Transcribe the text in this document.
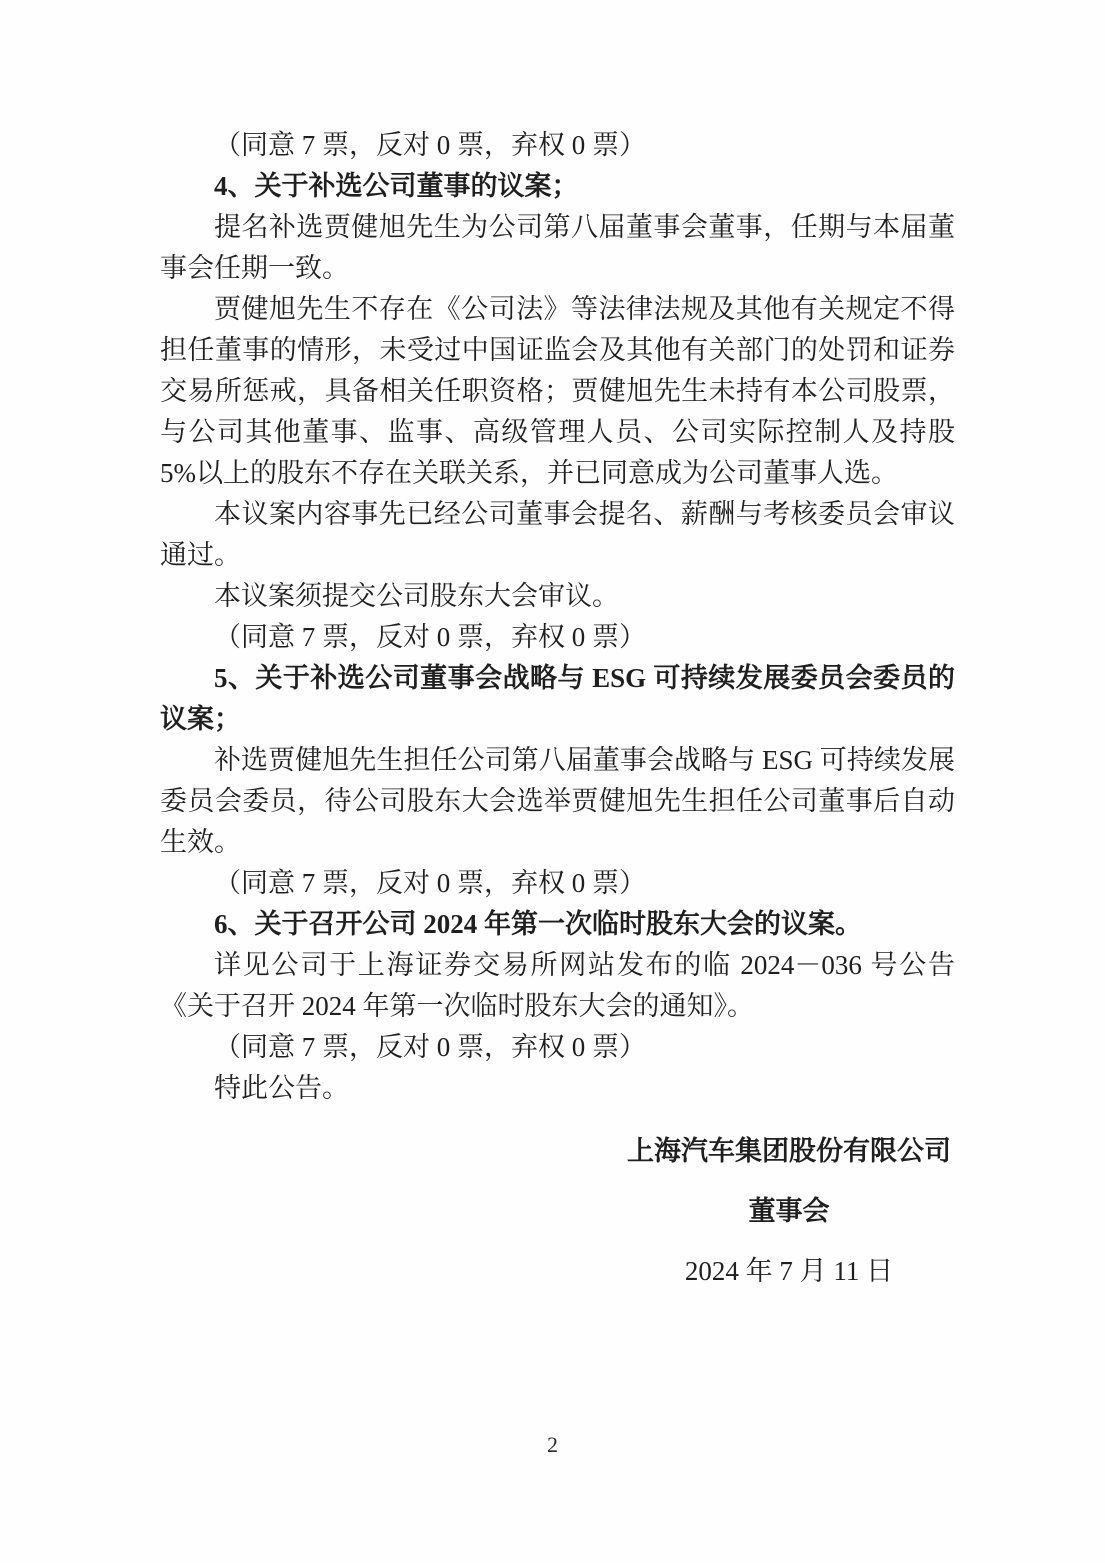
（同意 7 票，反对 0 票，弃权 0 票）

4、关于补选公司董事的议案；

提名补选贾健旭先生为公司第八届董事会董事，任期与本届董事会任期一致。

贾健旭先生不存在《公司法》等法律法规及其他有关规定不得担任董事的情形，未受过中国证监会及其他有关部门的处罚和证券交易所惩戒，具备相关任职资格；贾健旭先生未持有本公司股票，与公司其他董事、监事、高级管理人员、公司实际控制人及持股 5%以上的股东不存在关联关系，并已同意成为公司董事人选。

本议案内容事先已经公司董事会提名、薪酬与考核委员会审议通过。

本议案须提交公司股东大会审议。

（同意 7 票，反对 0 票，弃权 0 票）

5、关于补选公司董事会战略与 ESG 可持续发展委员会委员的议案；

补选贾健旭先生担任公司第八届董事会战略与 ESG 可持续发展委员会委员，待公司股东大会选举贾健旭先生担任公司董事后自动生效。

（同意 7 票，反对 0 票，弃权 0 票）

6、关于召开公司 2024 年第一次临时股东大会的议案。

详见公司于上海证券交易所网站发布的临 2024－036 号公告《关于召开 2024 年第一次临时股东大会的通知》。

（同意 7 票，反对 0 票，弃权 0 票）

特此公告。

上海汽车集团股份有限公司
董事会
2024 年 7 月 11 日
2
